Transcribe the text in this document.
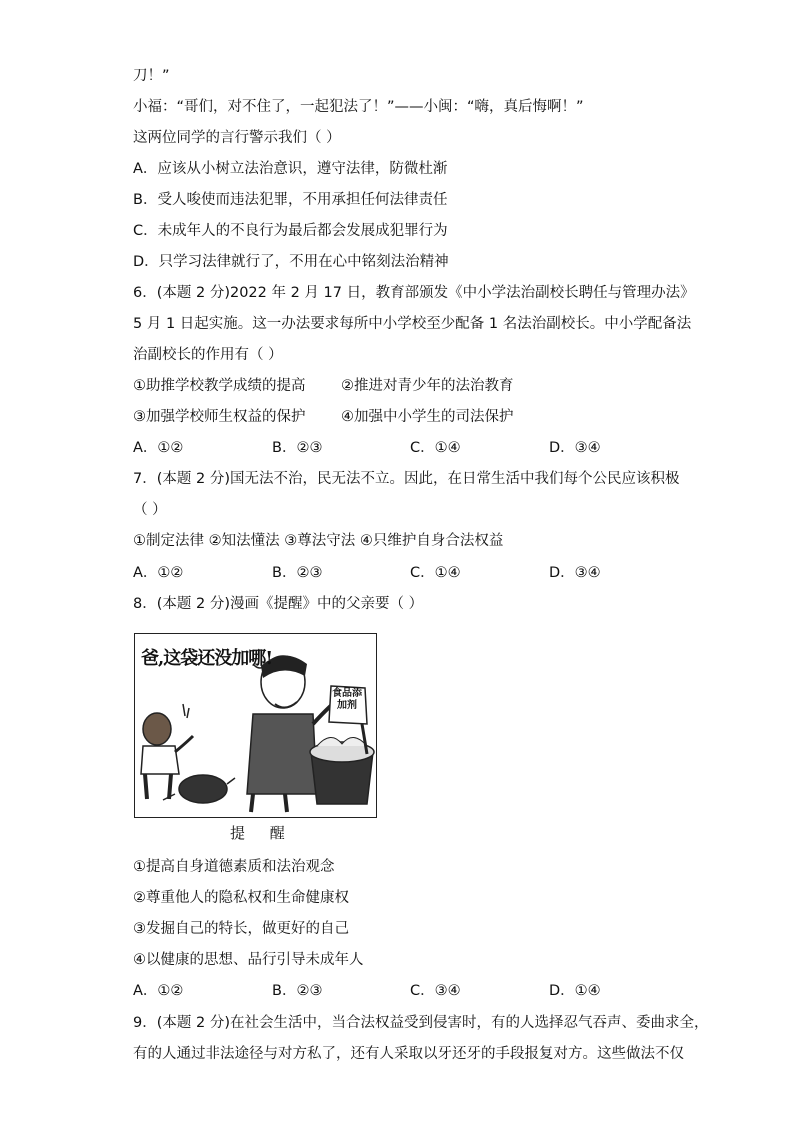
刀！”
小福：“哥们，对不住了，一起犯法了！”——小闽：“嗨，真后悔啊！”
这两位同学的言行警示我们（ ）
A．应该从小树立法治意识，遵守法律，防微杜渐
B．受人唆使而违法犯罪，不用承担任何法律责任
C．未成年人的不良行为最后都会发展成犯罪行为
D．只学习法律就行了，不用在心中铭刻法治精神
6．(本题 2 分)2022 年 2 月 17 日，教育部颁发《中小学法治副校长聘任与管理办法》
5 月 1 日起实施。这一办法要求每所中小学校至少配备 1 名法治副校长。中小学配备法
治副校长的作用有（ ）
①助推学校教学成绩的提高 ②推进对青少年的法治教育
③加强学校师生权益的保护 ④加强中小学生的司法保护
A．①②	B．②③	C．①④	D．③④
7．(本题 2 分)国无法不治，民无法不立。因此，在日常生活中我们每个公民应该积极
（ ）
①制定法律 ②知法懂法 ③尊法守法 ④只维护自身合法权益
A．①②	B．②③	C．①④	D．③④
8．(本题 2 分)漫画《提醒》中的父亲要（ ）
爸,这袋还没加哪!
食品添加剂
提 醒
①提高自身道德素质和法治观念
②尊重他人的隐私权和生命健康权
③发掘自己的特长，做更好的自己
④以健康的思想、品行引导未成年人
A．①②	B．②③	C．③④	D．①④
9．(本题 2 分)在社会生活中，当合法权益受到侵害时，有的人选择忍气吞声、委曲求全，
有的人通过非法途径与对方私了，还有人采取以牙还牙的手段报复对方。这些做法不仅
